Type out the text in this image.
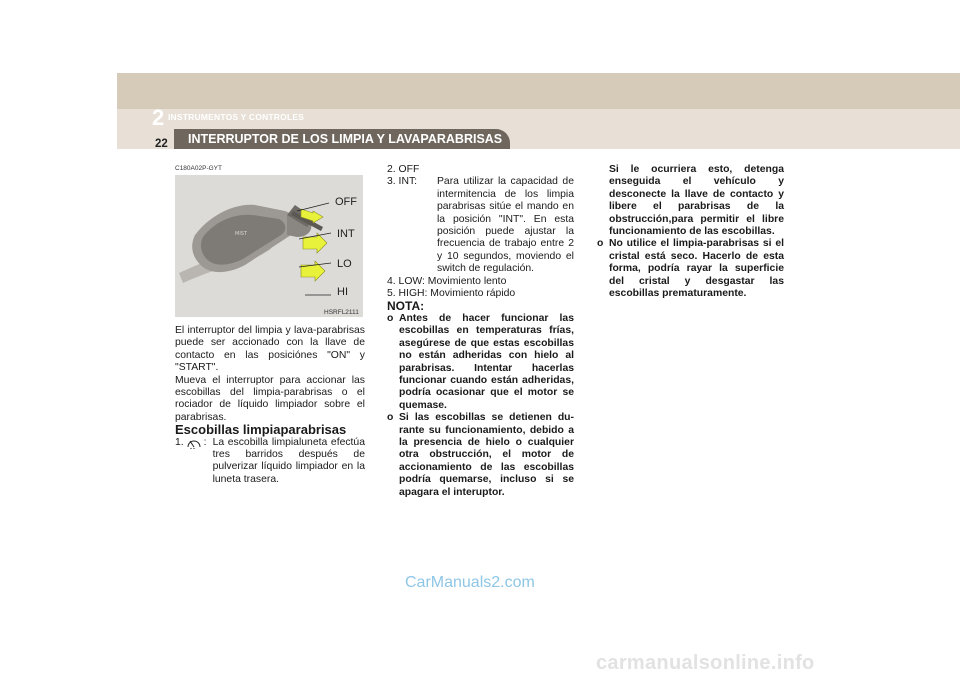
2 INSTRUMENTOS Y CONTROLES
22	INTERRUPTOR DE LOS LIMPIA Y LAVAPARABRISAS
C180A02P-GYT
MIST
OFF
INT
LO
HI
HSRFL2111

El interruptor del limpia y lava-parabrisas puede ser accionado con la llave de contacto en las posiciónes "ON" y "START".

Mueva el interruptor para accionar las escobillas del limpia-parabrisas o el rociador de líquido limpiador sobre el parabrisas.

Escobillas limpiaparabrisas

1. : La escobilla limpialuneta efectúa tres barridos después de pulverizar líquido limpiador en la luneta trasera.

2. OFF

3. INT:	Para utilizar la capacidad de intermitencia de los limpia parabrisas sitúe el mando en la posición "INT". En esta posición puede ajustar la frecuencia de trabajo entre 2 y 10 segundos, moviendo el switch de regulación.

4. LOW: Movimiento lento

5. HIGH: Movimiento rápido

NOTA:

o Antes de hacer funcionar las escobillas en temperaturas frías, asegúrese de que estas escobillas no están adheridas con hielo al parabrisas. Intentar hacerlas funcionar cuando están adheridas, podría ocasionar que el motor se quemase.
o Si las escobillas se detienen du-rante su funcionamiento, debido a la presencia de hielo o cualquier otra obstrucción, el motor de accionamiento de las escobillas podría quemarse, incluso si se apagara el interuptor.

Si le ocurriera esto, detenga enseguida el vehículo y desconecte la llave de contacto y libere el parabrisas de la obstrucción,para permitir el libre funcionamiento de las escobillas.

o No utilice el limpia-parabrisas si el cristal está seco. Hacerlo de esta forma, podría rayar la superficie del cristal y desgastar las escobillas prematuramente.
CarManuals2.com
carmanualsonline.info
